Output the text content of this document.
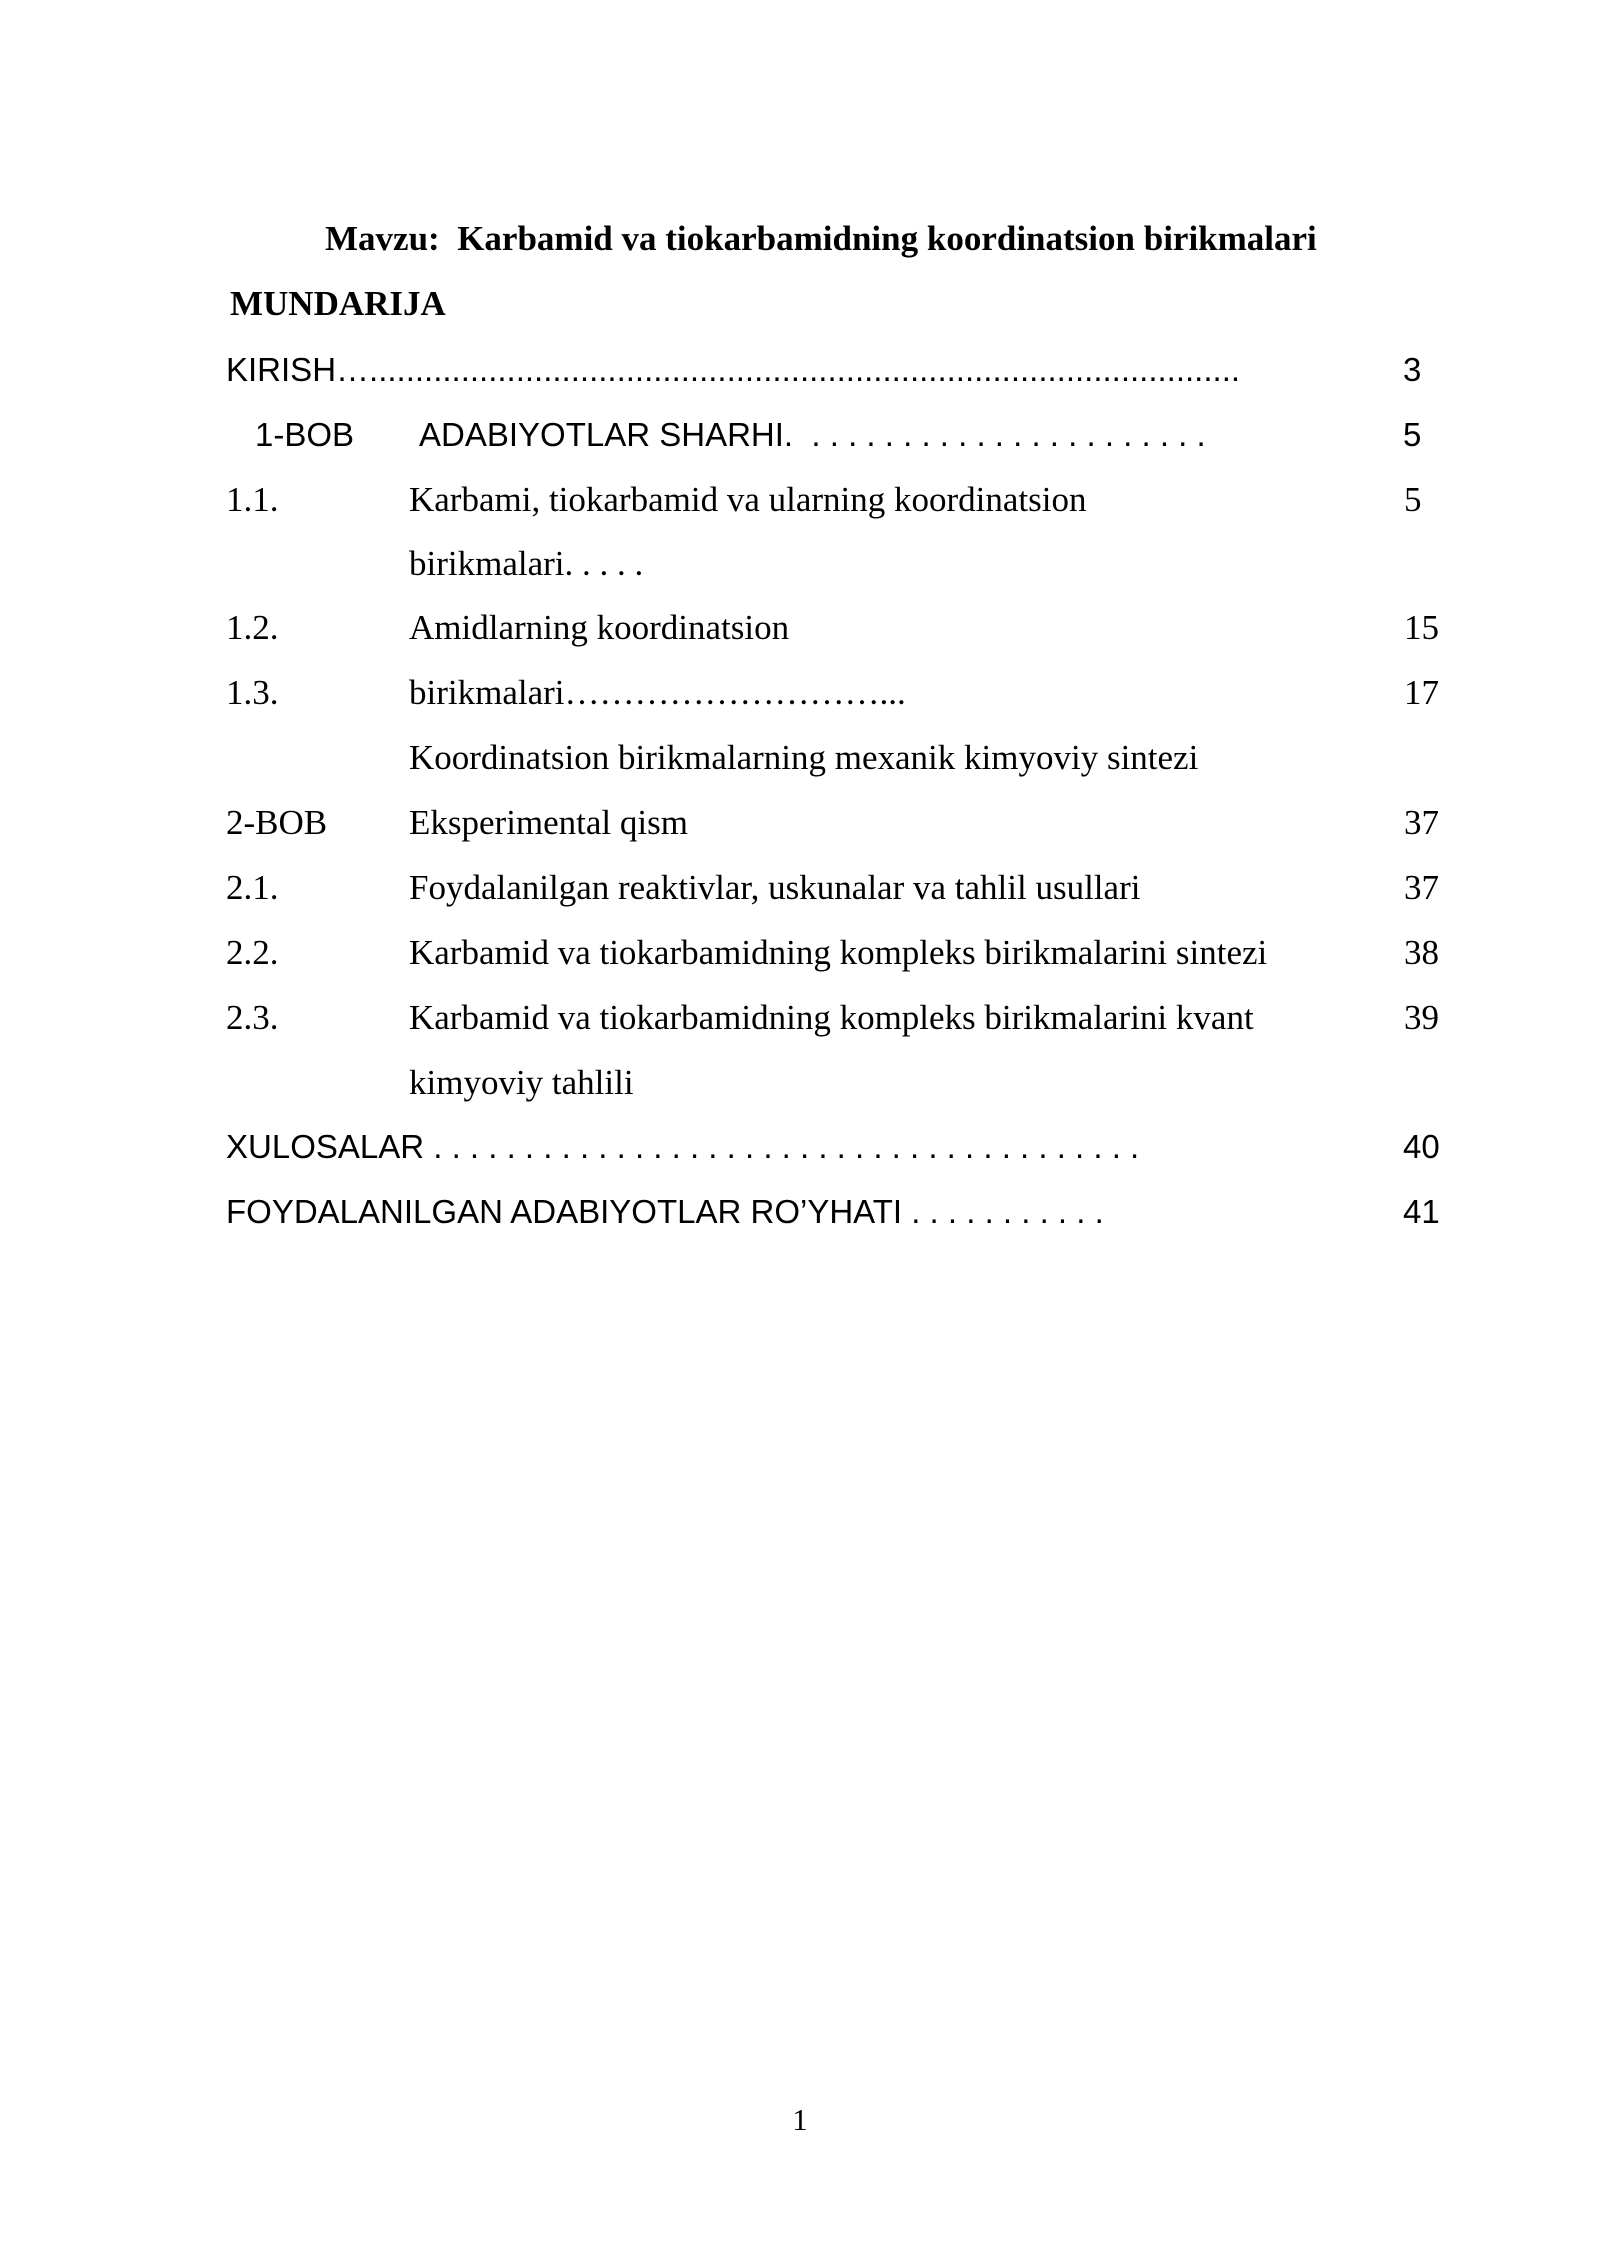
Mavzu:  Karbamid va tiokarbamidning koordinatsion birikmalari
MUNDARIJA
KIRISH…...............................................................................................	3
1-BOB ADABIYOTLAR SHARHI.  . . . . . . . . . . . . . . . . . . . . . .	5
1.1.	Karbami, tiokarbamid va ularning koordinatsion	5
birikmalari. . . . .
1.2.	Amidlarning koordinatsion	15
1.3.	birikmalari………………………...	17
Koordinatsion birikmalarning mexanik kimyoviy sintezi
2-BOB Eksperimental qism	37
2.1.	Foydalanilgan reaktivlar, uskunalar va tahlil usullari	37
2.2.	Karbamid va tiokarbamidning kompleks birikmalarini sintezi	38
2.3.	Karbamid va tiokarbamidning kompleks birikmalarini kvant	39
kimyoviy tahlili
XULOSALAR . . . . . . . . . . . . . . . . . . . . . . . . . . . . . . . . . . . . . . .	40
FOYDALANILGAN ADABIYOTLAR RO’YHATI . . . . . . . . . . .	41
1
